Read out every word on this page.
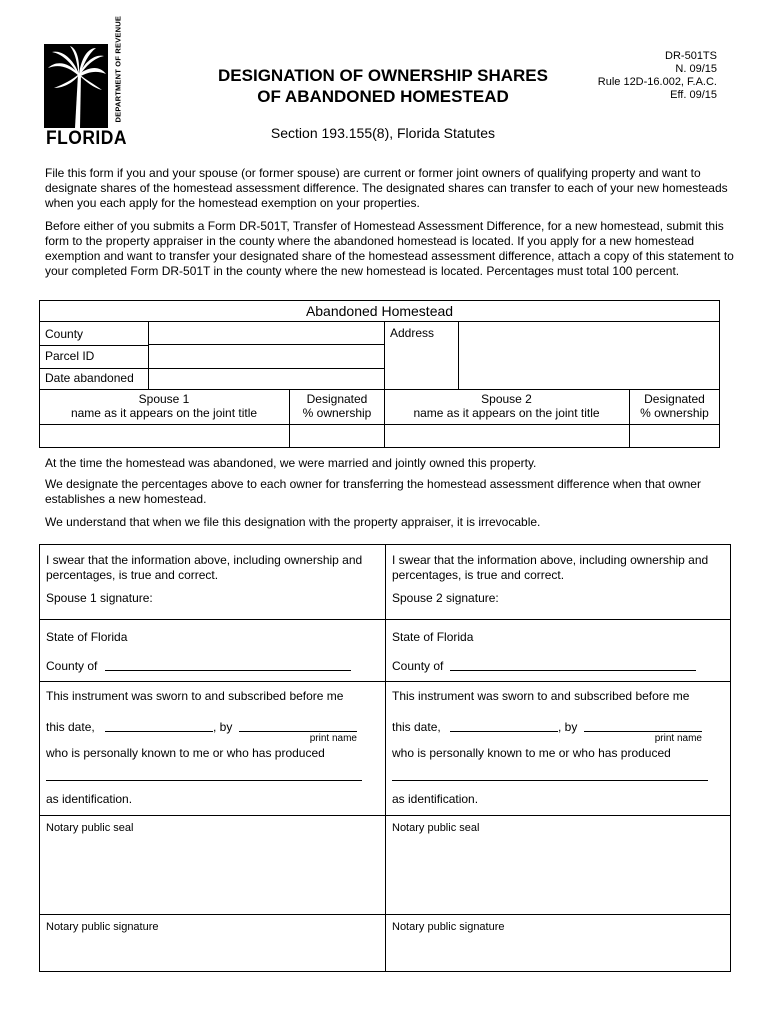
DEPARTMENT OF REVENUE
FLORIDA
DESIGNATION OF OWNERSHIP SHARES
OF ABANDONED HOMESTEAD
Section 193.155(8), Florida Statutes
DR-501TS
N. 09/15
Rule 12D-16.002, F.A.C.
Eff. 09/15
File this form if you and your spouse (or former spouse) are current or former joint owners of qualifying property and want to designate shares of the homestead assessment difference. The designated shares can transfer to each of your new homesteads when you each apply for the homestead exemption on your properties.
Before either of you submits a Form DR-501T, Transfer of Homestead Assessment Difference, for a new homestead, submit this form to the property appraiser in the county where the abandoned homestead is located. If you apply for a new homestead exemption and want to transfer your designated share of the homestead assessment difference, attach a copy of this statement to your completed Form DR-501T in the county where the new homestead is located. Percentages must total 100 percent.
Abandoned Homestead
County
Parcel ID
Date abandoned
Address
Spouse 1
name as it appears on the joint title
Designated
% ownership
Spouse 2
name as it appears on the joint title
Designated
% ownership
At the time the homestead was abandoned, we were married and jointly owned this property.
We designate the percentages above to each owner for transferring the homestead assessment difference when that owner establishes a new homestead.
We understand that when we file this designation with the property appraiser, it is irrevocable.
I swear that the information above, including ownership and percentages, is true and correct.
Spouse 1 signature:
State of Florida
County of
This instrument was sworn to and subscribed before me
this date,	, by
print name
who is personally known to me or who has produced
as identification.
Notary public seal
Notary public signature
I swear that the information above, including ownership and percentages, is true and correct.
Spouse 2 signature:
State of Florida
County of
This instrument was sworn to and subscribed before me
this date,	, by
print name
who is personally known to me or who has produced
as identification.
Notary public seal
Notary public signature
